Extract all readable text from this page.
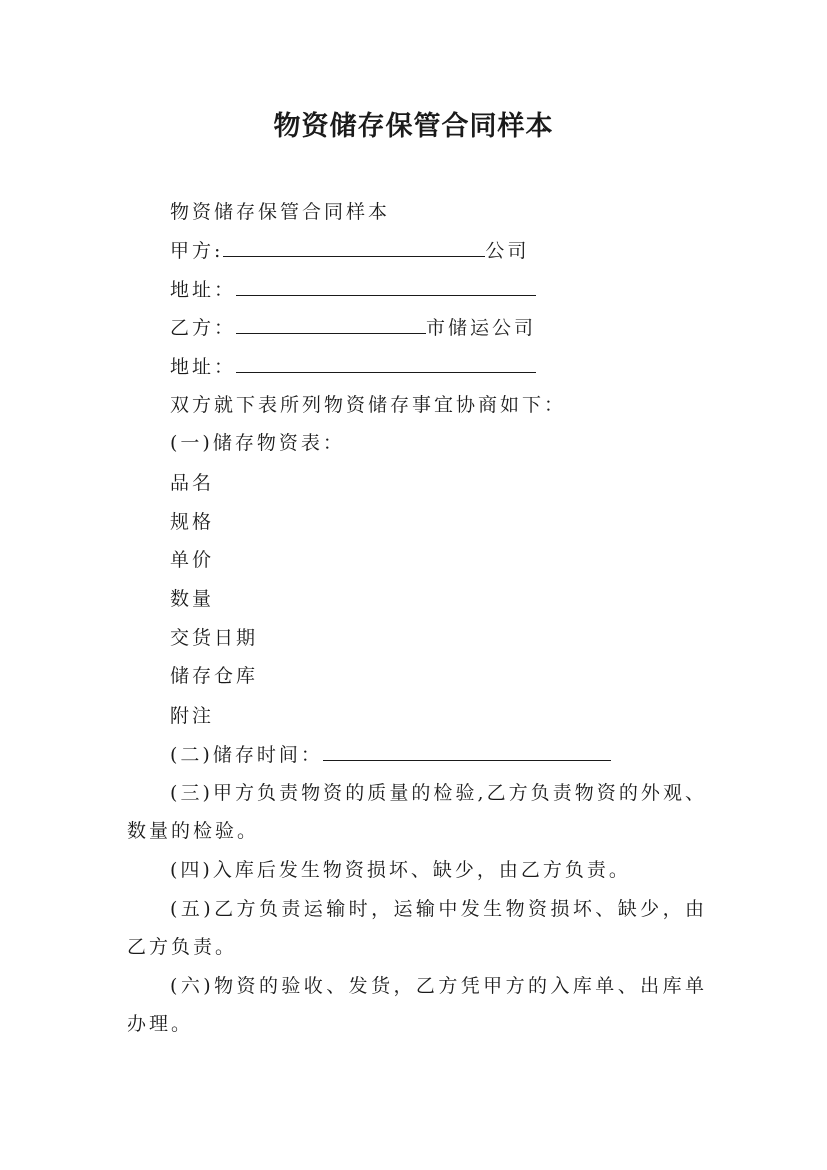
物资储存保管合同样本
物资储存保管合同样本
甲方:	公司
地址：
乙方：	市储运公司
地址：
双方就下表所列物资储存事宜协商如下：
(一)储存物资表：
品名
规格
单价
数量
交货日期
储存仓库
附注
(二)储存时间：
(三)甲方负责物资的质量的检验,乙方负责物资的外观、
数量的检验。
(四)入库后发生物资损坏、缺少，由乙方负责。
(五)乙方负责运输时，运输中发生物资损坏、缺少，由
乙方负责。
(六)物资的验收、发货，乙方凭甲方的入库单、出库单
办理。
